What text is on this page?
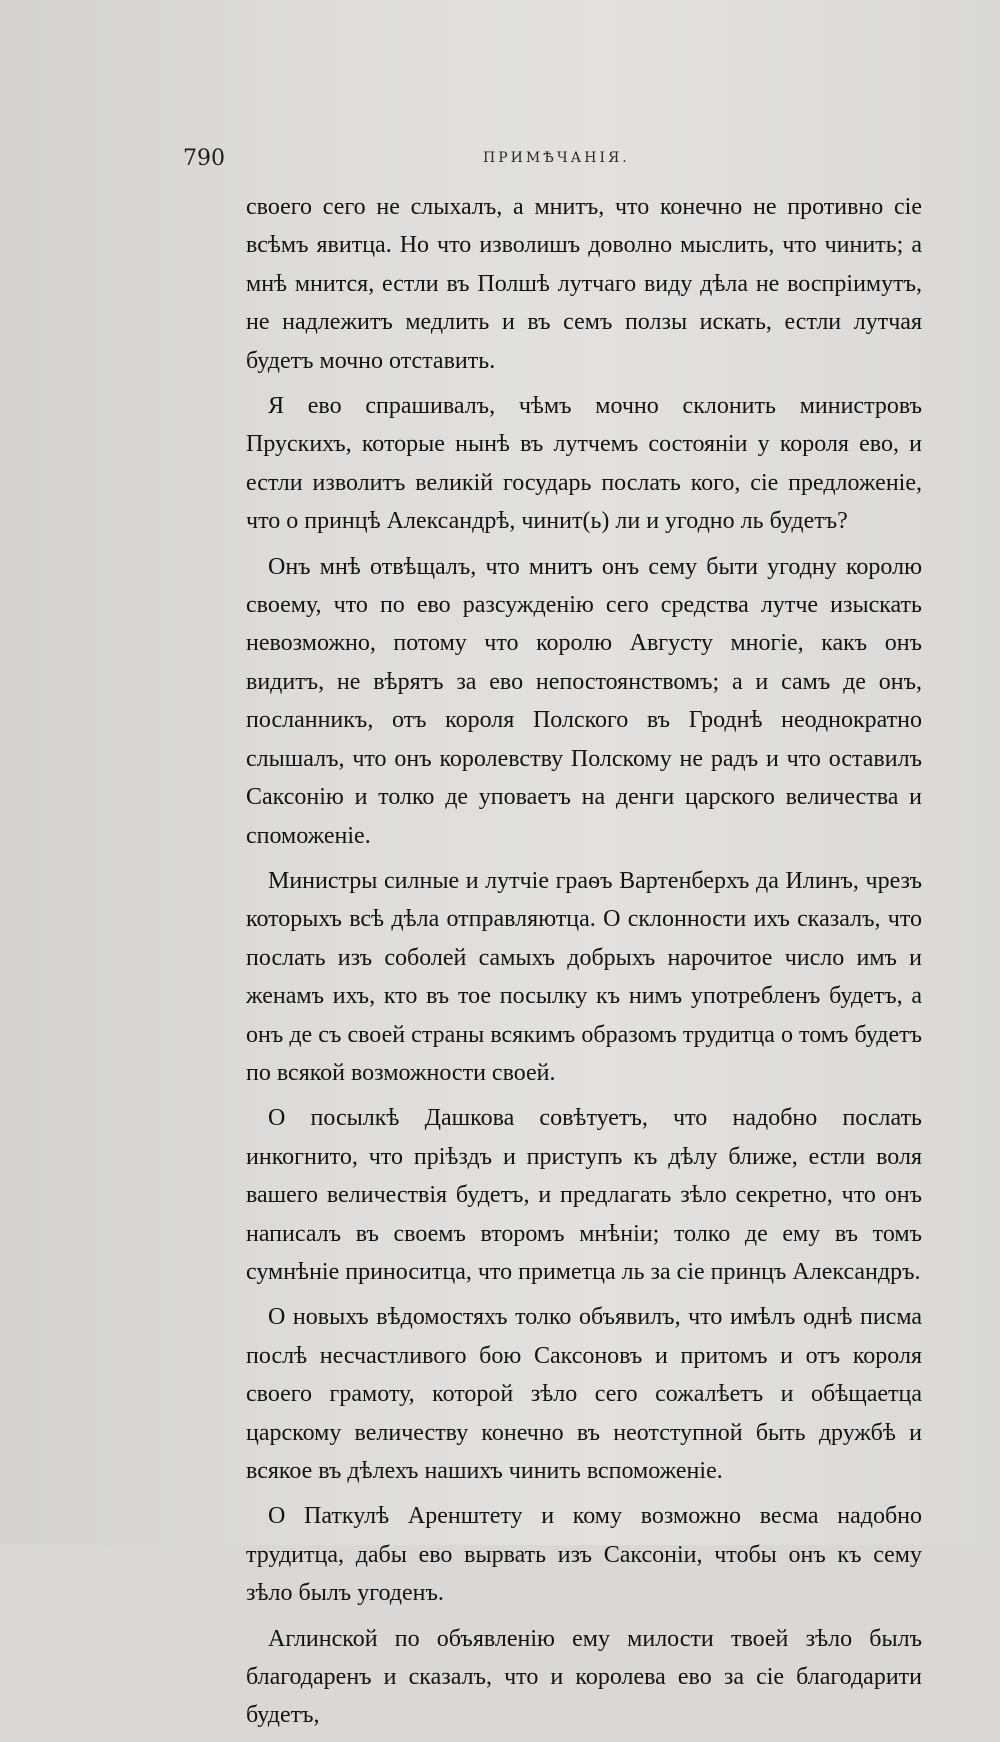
790	ПРИМѢЧАНІЯ.

своего сего не слыхалъ, а мнитъ, что конечно не противно сіе всѣмъ явитца. Но что изволишъ доволно мыслить, что чинить; а мнѣ мнится, естли въ Полшѣ лутчаго виду дѣла не воспріимутъ, не надлежитъ медлить и въ семъ ползы искать, естли лутчая будетъ мочно отставить.

Я ево спрашивалъ, чѣмъ мочно склонить министровъ Прускихъ, которые нынѣ въ лутчемъ состояніи у короля ево, и естли изволитъ великій государь послать кого, сіе предложеніе, что о принцѣ Александрѣ, чинит(ь) ли и угодно ль будетъ?

Онъ мнѣ отвѣщалъ, что мнитъ онъ сему быти угодну королю своему, что по ево разсужденію сего средства лутче изыскать невозможно, потому что королю Августу многіе, какъ онъ видитъ, не вѣрятъ за ево непостоянствомъ; а и самъ де онъ, посланникъ, отъ короля Полского въ Гроднѣ неоднократно слышалъ, что онъ королевству Полскому не радъ и что оставилъ Саксонію и толко де уповаетъ на денги царского величества и споможеніе.

Министры силные и лутчіе граѳъ Вартенберхъ да Илинъ, чрезъ которыхъ всѣ дѣла отправляютца. О склонности ихъ сказалъ, что послать изъ соболей самыхъ добрыхъ нарочитое число имъ и женамъ ихъ, кто въ тое посылку къ нимъ употребленъ будетъ, а онъ де съ своей страны всякимъ образомъ трудитца о томъ будетъ по всякой возможности своей.

О посылкѣ Дашкова совѣтуетъ, что надобно послать инкогнито, что пріѣздъ и приступъ къ дѣлу ближе, естли воля вашего величествія будетъ, и предлагать зѣло секретно, что онъ написалъ въ своемъ второмъ мнѣніи; толко де ему въ томъ сумнѣніе приноситца, что приметца ль за сіе принцъ Александръ.

О новыхъ вѣдомостяхъ толко объявилъ, что имѣлъ однѣ писма послѣ несчастливого бою Саксоновъ и притомъ и отъ короля своего грамоту, которой зѣло сего сожалѣетъ и обѣщаетца царскому величеству конечно въ неотступной быть дружбѣ и всякое въ дѣлехъ нашихъ чинить вспоможеніе.

О Паткулѣ Аренштету и кому возможно весма надобно трудитца, дабы ево вырвать изъ Саксоніи, чтобы онъ къ сему зѣло былъ угоденъ.

Аглинской по объявленію ему милости твоей зѣло былъ благодаренъ и сказалъ, что и королева ево за сіе благодарити будетъ,
